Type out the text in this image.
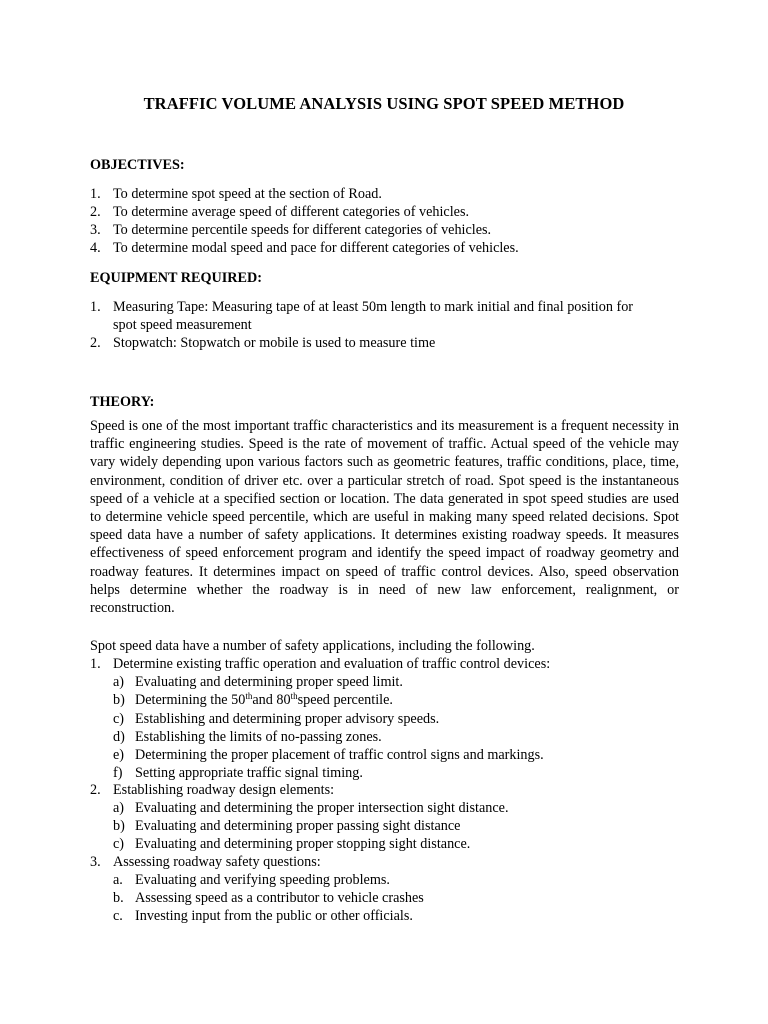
TRAFFIC VOLUME ANALYSIS USING SPOT SPEED METHOD
OBJECTIVES:
1. To determine spot speed at the section of Road.
2. To determine average speed of different categories of vehicles.
3. To determine percentile speeds for different categories of vehicles.
4. To determine modal speed and pace for different categories of vehicles.
EQUIPMENT REQUIRED:
1. Measuring Tape: Measuring tape of at least 50m length to mark initial and final position for
spot speed measurement
2. Stopwatch: Stopwatch or mobile is used to measure time
THEORY:
Speed is one of the most important traffic characteristics and its measurement is a frequent necessity in traffic engineering studies. Speed is the rate of movement of traffic. Actual speed of the vehicle may vary widely depending upon various factors such as geometric features, traffic conditions, place, time, environment, condition of driver etc. over a particular stretch of road. Spot speed is the instantaneous speed of a vehicle at a specified section or location. The data generated in spot speed studies are used to determine vehicle speed percentile, which are useful in making many speed related decisions. Spot speed data have a number of safety applications. It determines existing roadway speeds. It measures effectiveness of speed enforcement program and identify the speed impact of roadway geometry and roadway features. It determines impact on speed of traffic control devices. Also, speed observation helps determine whether the roadway is in need of new law enforcement, realignment, or reconstruction.
Spot speed data have a number of safety applications, including the following.
1. Determine existing traffic operation and evaluation of traffic control devices:
a) Evaluating and determining proper speed limit.
b) Determining the 50thand 80thspeed percentile.
c) Establishing and determining proper advisory speeds.
d) Establishing the limits of no-passing zones.
e) Determining the proper placement of traffic control signs and markings.
f) Setting appropriate traffic signal timing.
2. Establishing roadway design elements:
a) Evaluating and determining the proper intersection sight distance.
b) Evaluating and determining proper passing sight distance
c) Evaluating and determining proper stopping sight distance.
3. Assessing roadway safety questions:
a. Evaluating and verifying speeding problems.
b. Assessing speed as a contributor to vehicle crashes
c. Investing input from the public or other officials.
